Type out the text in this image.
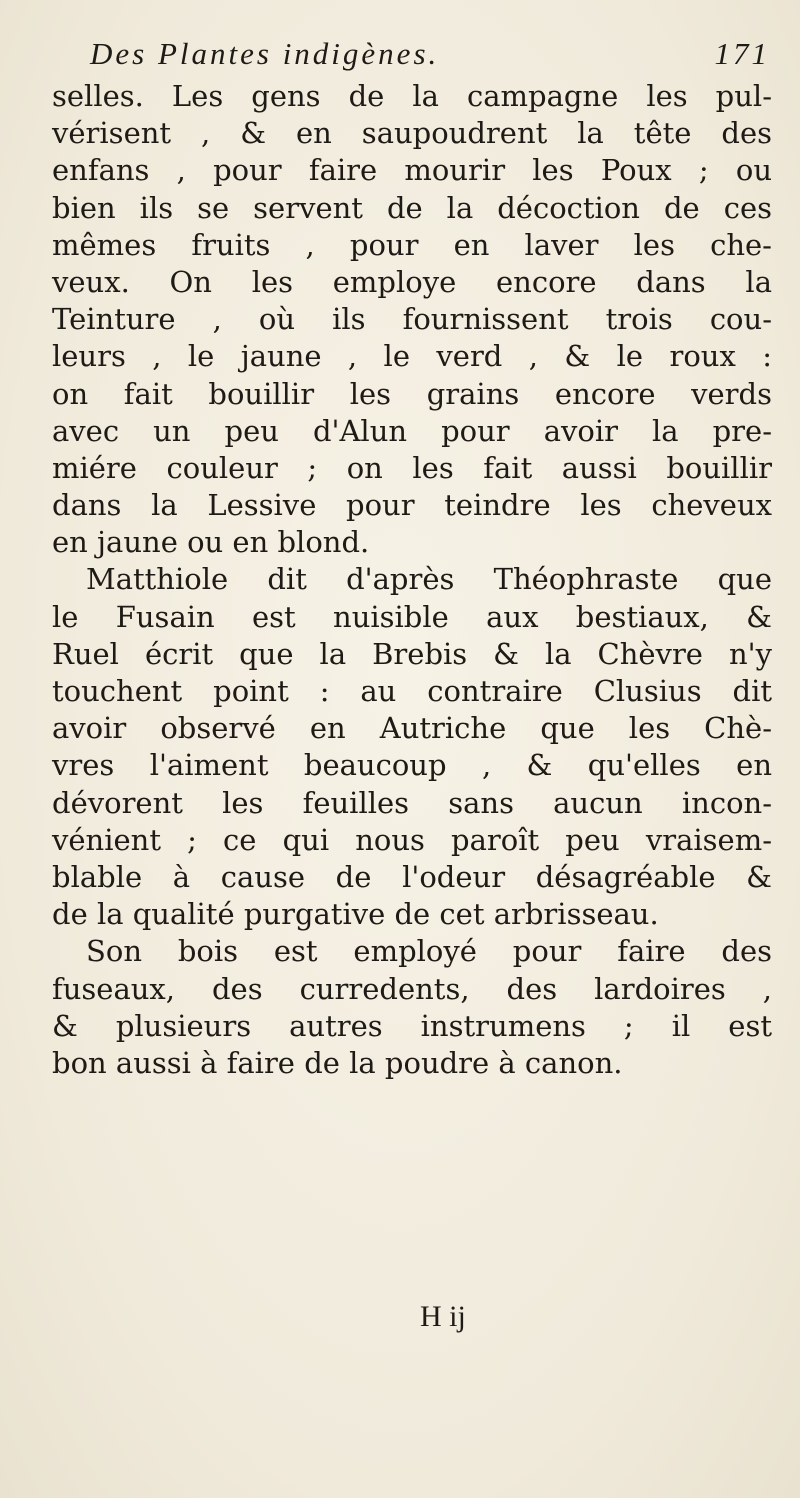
Des Plantes indigènes.	171
selles. Les gens de la campagne les pul-
vérisent , & en saupoudrent la tête des
enfans , pour faire mourir les Poux ; ou
bien ils se servent de la décoction de ces
mêmes fruits , pour en laver les che-
veux. On les employe encore dans la
Teinture , où ils fournissent trois cou-
leurs , le jaune , le verd , & le roux :
on fait bouillir les grains encore verds
avec un peu d'Alun pour avoir la pre-
miére couleur ; on les fait aussi bouillir
dans la Lessive pour teindre les cheveux
en jaune ou en blond.
Matthiole dit d'après Théophraste que
le Fusain est nuisible aux bestiaux, &
Ruel écrit que la Brebis & la Chèvre n'y
touchent point : au contraire Clusius dit
avoir observé en Autriche que les Chè-
vres l'aiment beaucoup , & qu'elles en
dévorent les feuilles sans aucun incon-
vénient ; ce qui nous paroît peu vraisem-
blable à cause de l'odeur désagréable &
de la qualité purgative de cet arbrisseau.
Son bois est employé pour faire des
fuseaux, des curredents, des lardoires ,
& plusieurs autres instrumens ; il est
bon aussi à faire de la poudre à canon.
H ij
